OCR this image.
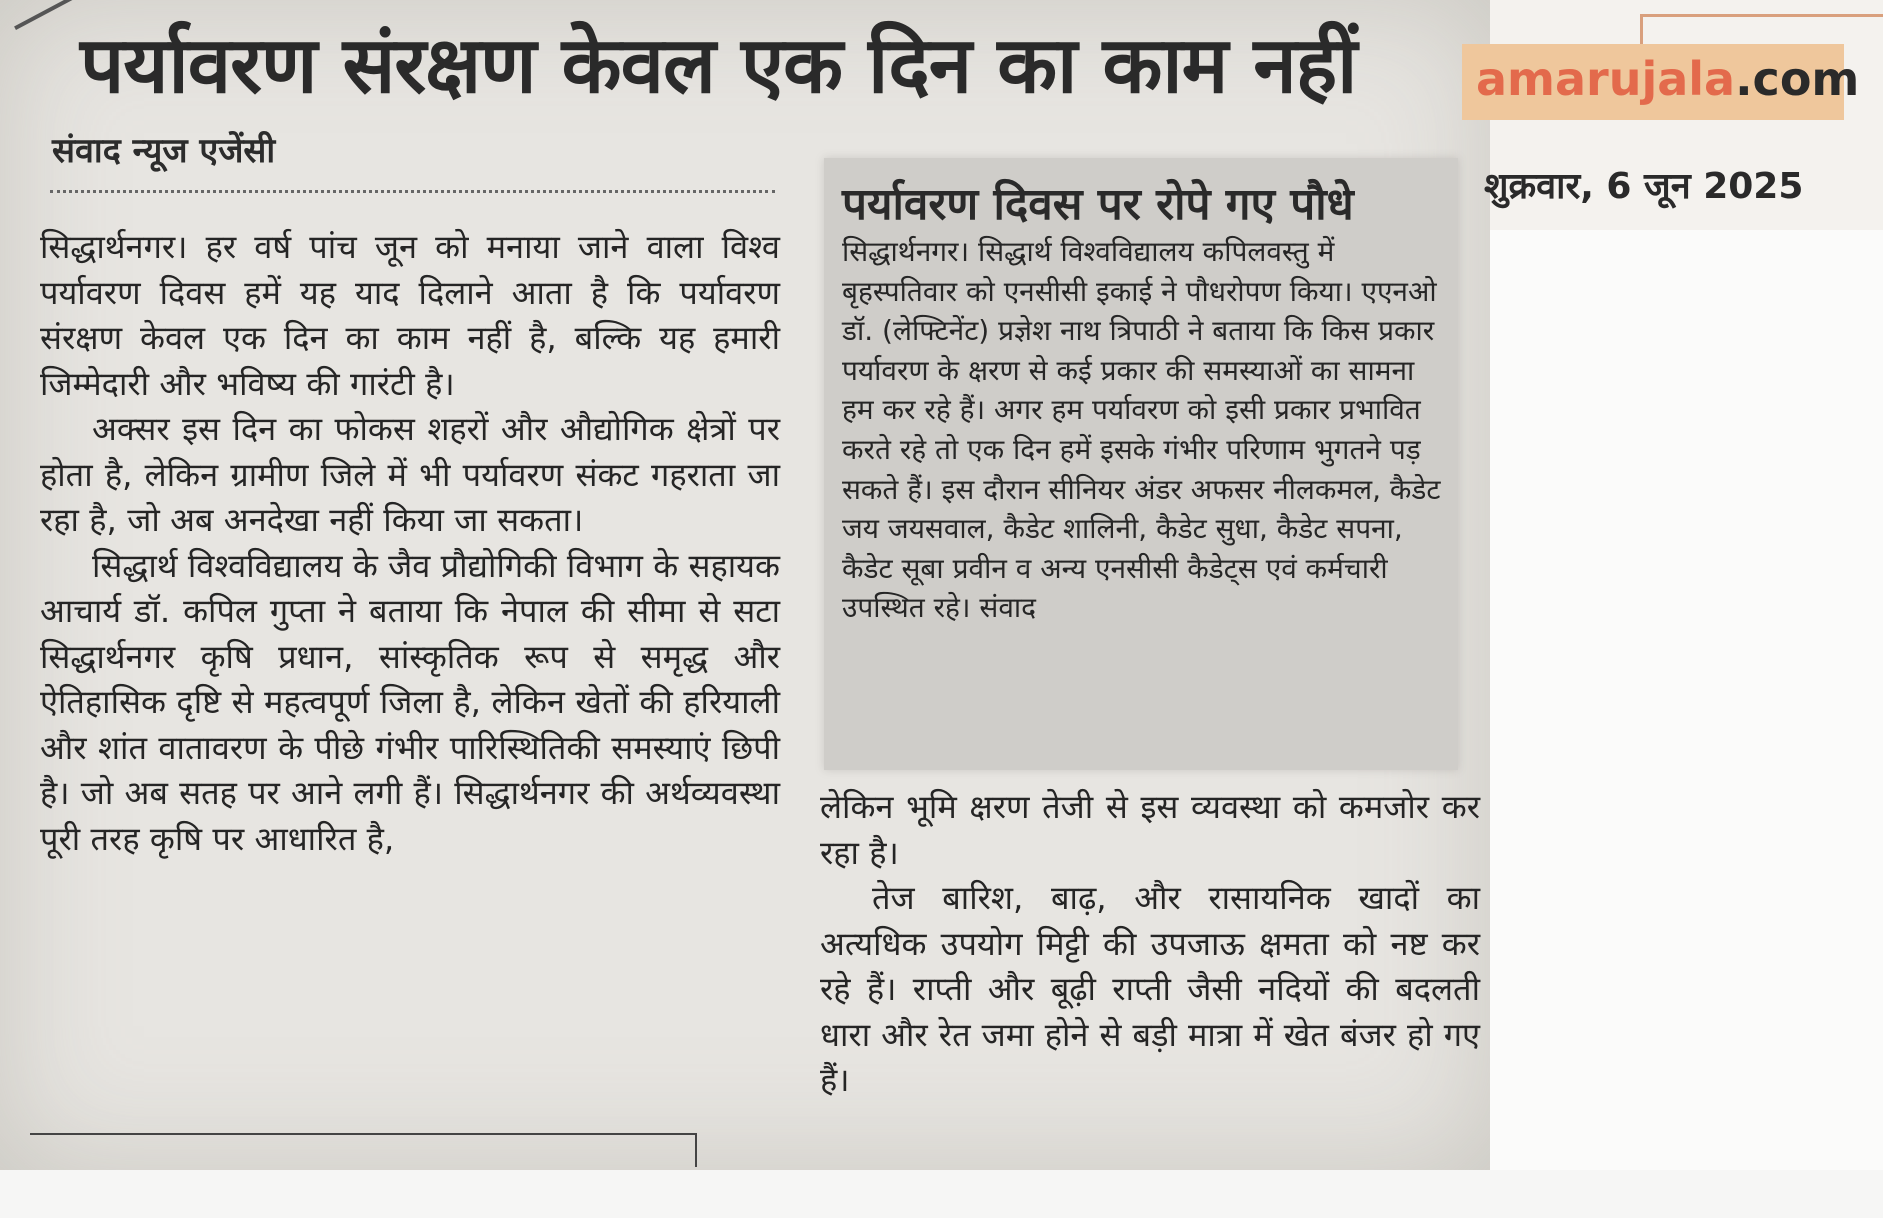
पर्यावरण संरक्षण केवल एक दिन का काम नहीं

संवाद न्यूज एजेंसी

सिद्धार्थनगर। हर वर्ष पांच जून को मनाया जाने वाला विश्व पर्यावरण दिवस हमें यह याद दिलाने आता है कि पर्यावरण संरक्षण केवल एक दिन का काम नहीं है, बल्कि यह हमारी जिम्मेदारी और भविष्य की गारंटी है।

अक्सर इस दिन का फोकस शहरों और औद्योगिक क्षेत्रों पर होता है, लेकिन ग्रामीण जिले में भी पर्यावरण संकट गहराता जा रहा है, जो अब अनदेखा नहीं किया जा सकता।

सिद्धार्थ विश्वविद्यालय के जैव प्रौद्योगिकी विभाग के सहायक आचार्य डॉ. कपिल गुप्ता ने बताया कि नेपाल की सीमा से सटा सिद्धार्थनगर कृषि प्रधान, सांस्कृतिक रूप से समृद्ध और ऐतिहासिक दृष्टि से महत्वपूर्ण जिला है, लेकिन खेतों की हरियाली और शांत वातावरण के पीछे गंभीर पारिस्थितिकी समस्याएं छिपी है। जो अब सतह पर आने लगी हैं। सिद्धार्थनगर की अर्थव्यवस्था पूरी तरह कृषि पर आधारित है,

पर्यावरण दिवस पर रोपे गए पौधे

सिद्धार्थनगर। सिद्धार्थ विश्वविद्यालय कपिलवस्तु में बृहस्पतिवार को एनसीसी इकाई ने पौधरोपण किया। एएनओ डॉ. (लेफ्टिनेंट) प्रज्ञेश नाथ त्रिपाठी ने बताया कि किस प्रकार पर्यावरण के क्षरण से कई प्रकार की समस्याओं का सामना हम कर रहे हैं। अगर हम पर्यावरण को इसी प्रकार प्रभावित करते रहे तो एक दिन हमें इसके गंभीर परिणाम भुगतने पड़ सकते हैं। इस दौरान सीनियर अंडर अफसर नीलकमल, कैडेट जय जयसवाल, कैडेट शालिनी, कैडेट सुधा, कैडेट सपना, कैडेट सूबा प्रवीन व अन्य एनसीसी कैडेट्स एवं कर्मचारी उपस्थित रहे। संवाद

लेकिन भूमि क्षरण तेजी से इस व्यवस्था को कमजोर कर रहा है।

तेज बारिश, बाढ़, और रासायनिक खादों का अत्यधिक उपयोग मिट्टी की उपजाऊ क्षमता को नष्ट कर रहे हैं। राप्ती और बूढ़ी राप्ती जैसी नदियों की बदलती धारा और रेत जमा होने से बड़ी मात्रा में खेत बंजर हो गए हैं।

amarujala.com

शुक्रवार, 6 जून 2025
